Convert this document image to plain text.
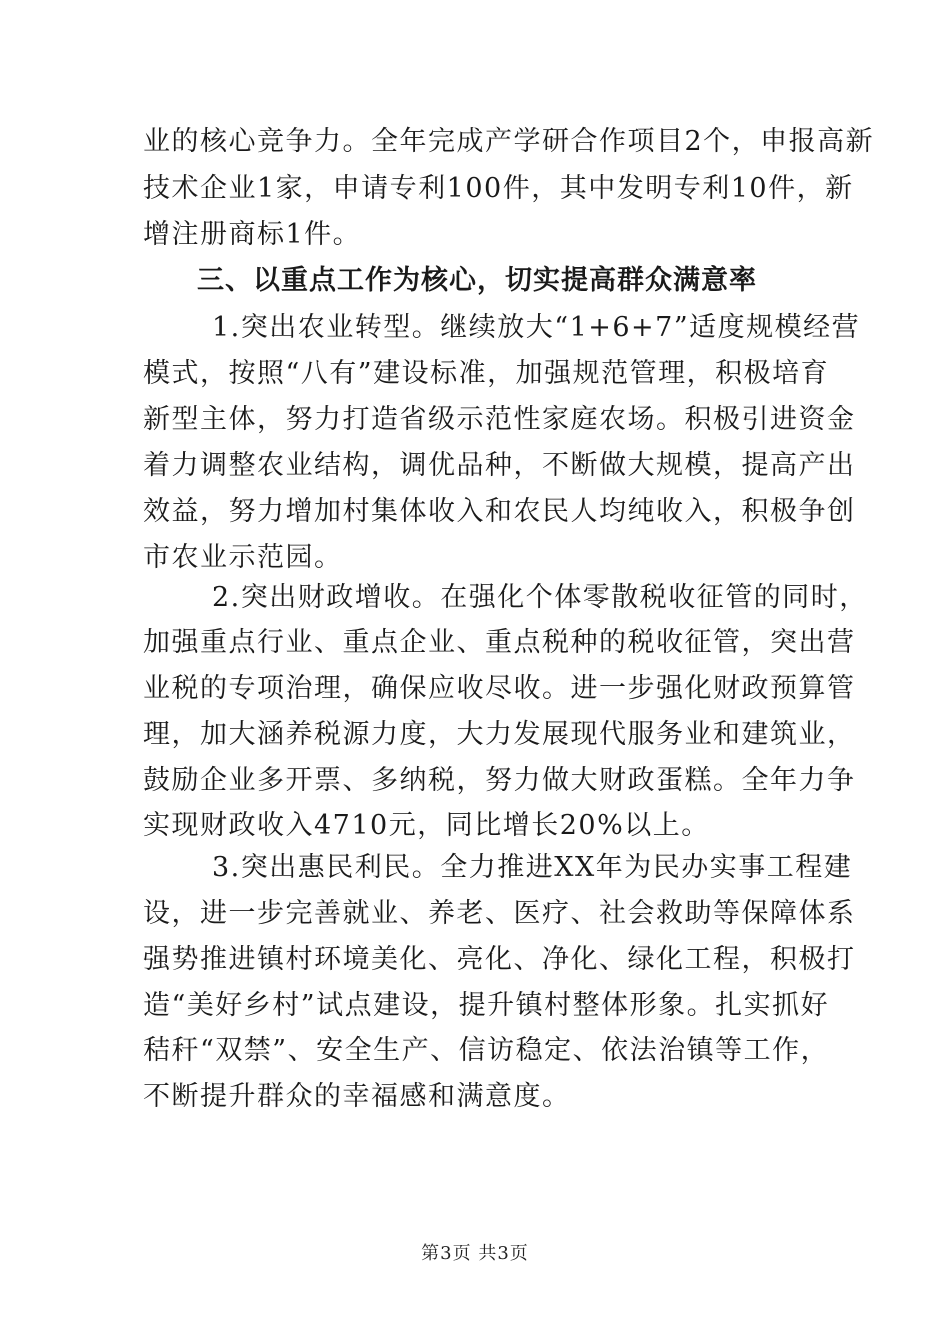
业的核心竞争力。全年完成产学研合作项目2个，申报高新
技术企业1家，申请专利100件，其中发明专利10件，新
增注册商标1件。
三、以重点工作为核心，切实提高群众满意率
1.突出农业转型。继续放大“1+6+7”适度规模经营
模式，按照“八有”建设标准，加强规范管理，积极培育
新型主体，努力打造省级示范性家庭农场。积极引进资金
着力调整农业结构，调优品种，不断做大规模，提高产出
效益，努力增加村集体收入和农民人均纯收入，积极争创
市农业示范园。
2.突出财政增收。在强化个体零散税收征管的同时，
加强重点行业、重点企业、重点税种的税收征管，突出营
业税的专项治理，确保应收尽收。进一步强化财政预算管
理，加大涵养税源力度，大力发展现代服务业和建筑业，
鼓励企业多开票、多纳税，努力做大财政蛋糕。全年力争
实现财政收入4710元，同比增长20%以上。
3.突出惠民利民。全力推进XX年为民办实事工程建
设，进一步完善就业、养老、医疗、社会救助等保障体系
强势推进镇村环境美化、亮化、净化、绿化工程，积极打
造“美好乡村”试点建设，提升镇村整体形象。扎实抓好
秸秆“双禁”、安全生产、信访稳定、依法治镇等工作，
不断提升群众的幸福感和满意度。
第3页 共3页
